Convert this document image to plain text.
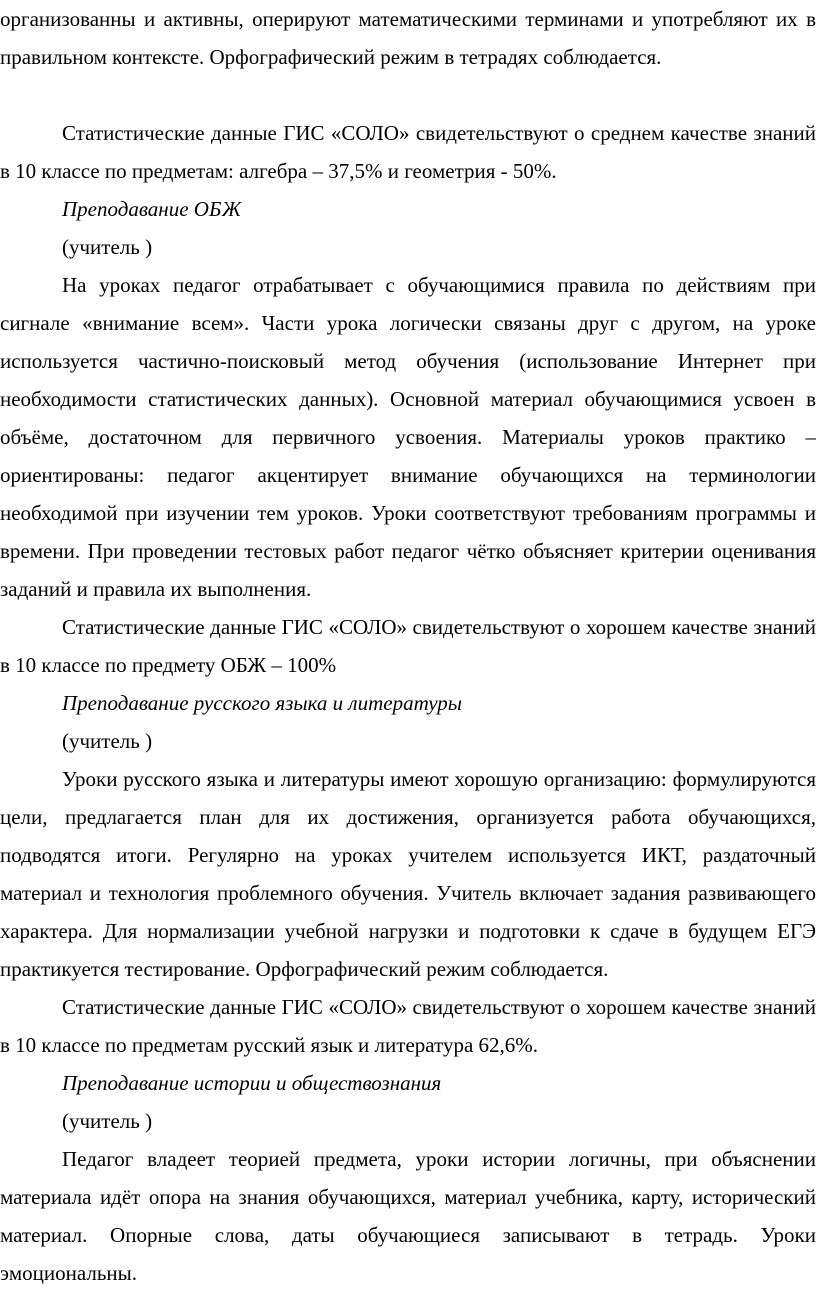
организованны и активны, оперируют математическими терминами и употребляют их в правильном контексте. Орфографический режим в тетрадях соблюдается.

Статистические данные ГИС «СОЛО» свидетельствуют о среднем качестве знаний в 10 классе по предметам: алгебра – 37,5% и геометрия - 50%.

Преподавание ОБЖ

(учитель )

На уроках педагог отрабатывает с обучающимися правила по действиям при сигнале «внимание всем». Части урока логически связаны друг с другом, на уроке используется частично-поисковый метод обучения (использование Интернет при необходимости статистических данных). Основной материал обучающимися усвоен в объёме, достаточном для первичного усвоения. Материалы уроков практико – ориентированы: педагог акцентирует внимание обучающихся на терминологии необходимой при изучении тем уроков. Уроки соответствуют требованиям программы и времени. При проведении тестовых работ педагог чётко объясняет критерии оценивания заданий и правила их выполнения.

Статистические данные ГИС «СОЛО» свидетельствуют о хорошем качестве знаний в 10 классе по предмету ОБЖ – 100%

Преподавание русского языка и литературы

(учитель )

Уроки русского языка и литературы имеют хорошую организацию: формулируются цели, предлагается план для их достижения, организуется работа обучающихся, подводятся итоги. Регулярно на уроках учителем используется ИКТ, раздаточный материал и технология проблемного обучения. Учитель включает задания развивающего характера. Для нормализации учебной нагрузки и подготовки к сдаче в будущем ЕГЭ практикуется тестирование. Орфографический режим соблюдается.

Статистические данные ГИС «СОЛО» свидетельствуют о хорошем качестве знаний в 10 классе по предметам русский язык и литература 62,6%.

Преподавание истории и обществознания

(учитель )

Педагог владеет теорией предмета, уроки истории логичны, при объяснении материала идёт опора на знания обучающихся, материал учебника, карту, исторический материал. Опорные слова, даты обучающиеся записывают в тетрадь. Уроки эмоциональны.
